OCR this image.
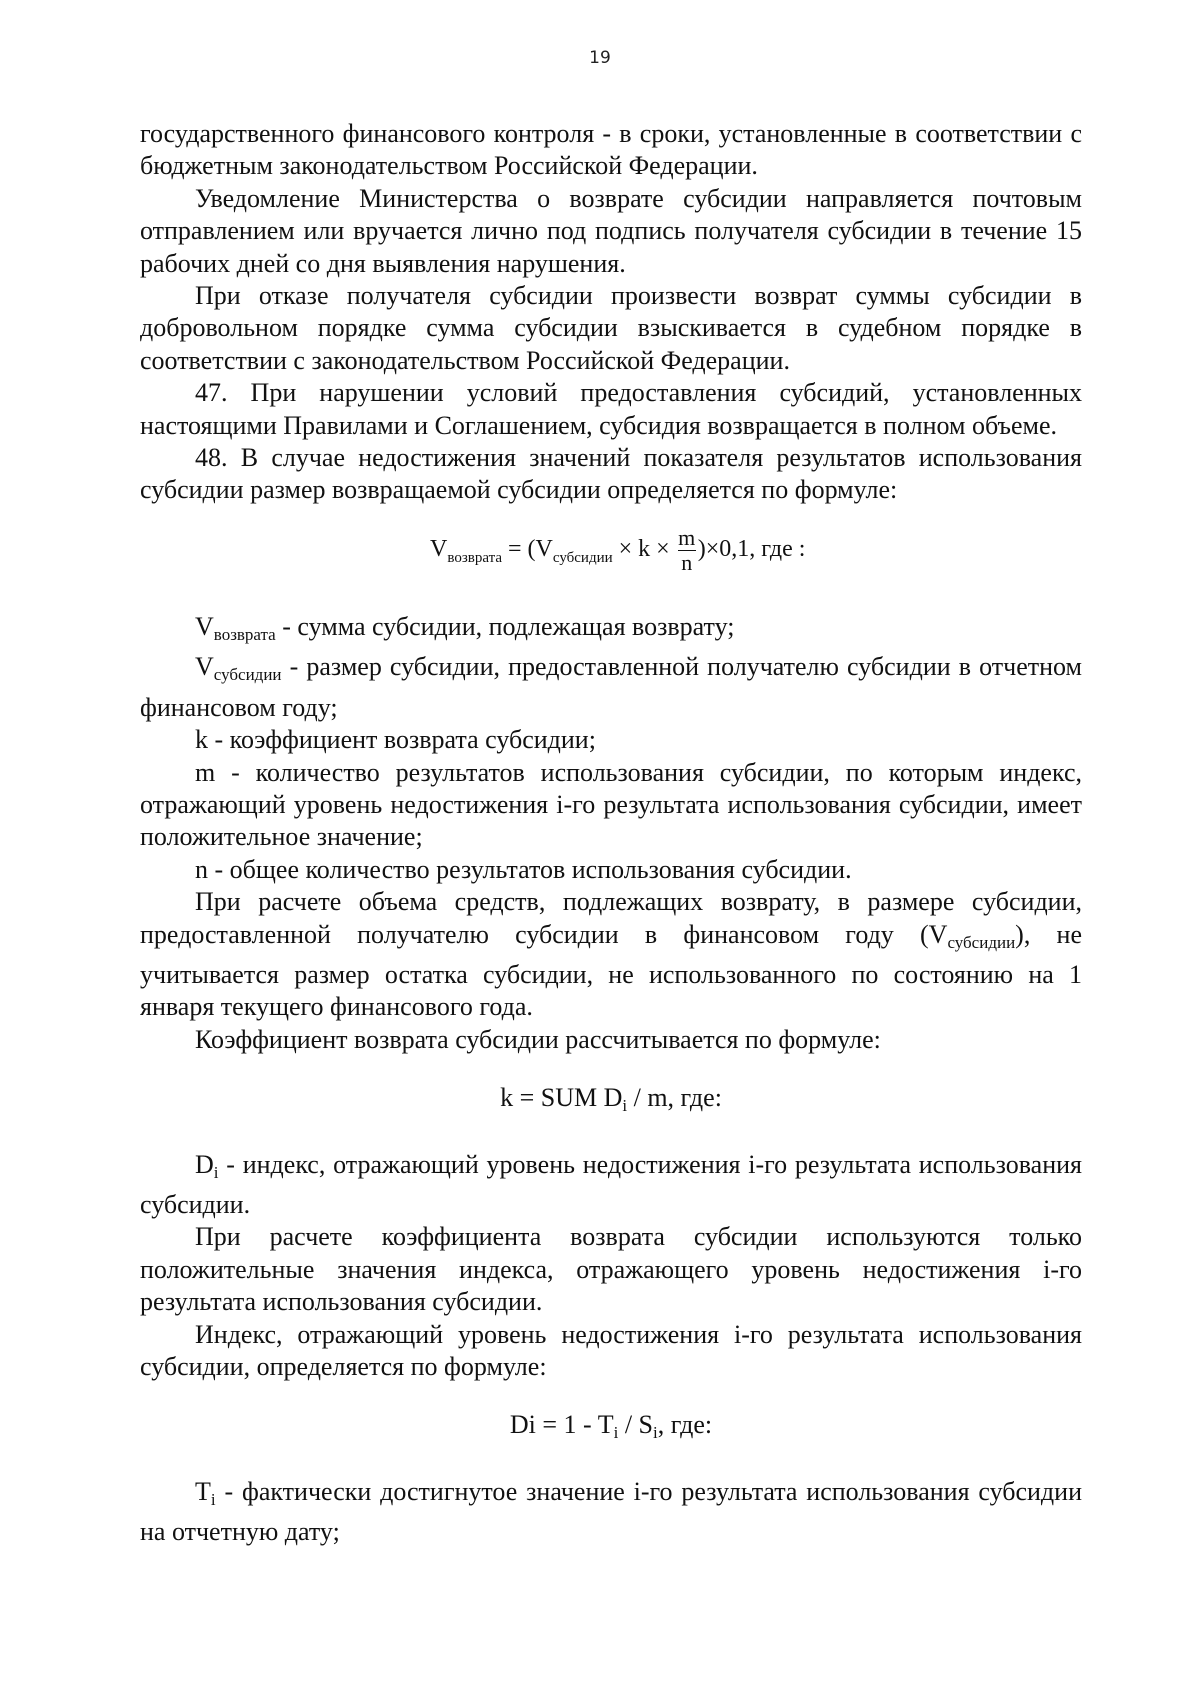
19

государственного финансового контроля - в сроки, установленные в соответствии с бюджетным законодательством Российской Федерации.

Уведомление Министерства о возврате субсидии направляется почтовым отправлением или вручается лично под подпись получателя субсидии в течение 15 рабочих дней со дня выявления нарушения.

При отказе получателя субсидии произвести возврат суммы субсидии в добровольном порядке сумма субсидии взыскивается в судебном порядке в соответствии с законодательством Российской Федерации.

47. При нарушении условий предоставления субсидий, установленных настоящими Правилами и Соглашением, субсидия возвращается в полном объеме.

48. В случае недостижения значений показателя результатов использования субсидии размер возвращаемой субсидии определяется по формуле:

$V_{возврата} = (V_{субсидии} \times k \times \frac{m}{n} )\times 0,1$, где :

Vвозврата - сумма субсидии, подлежащая возврату;

Vсубсидии - размер субсидии, предоставленной получателю субсидии в отчетном финансовом году;

k - коэффициент возврата субсидии;

m - количество результатов использования субсидии, по которым индекс, отражающий уровень недостижения i-го результата использования субсидии, имеет положительное значение;

n - общее количество результатов использования субсидии.

При расчете объема средств, подлежащих возврату, в размере субсидии, предоставленной получателю субсидии в финансовом году (Vсубсидии), не учитывается размер остатка субсидии, не использованного по состоянию на 1 января текущего финансового года.

Коэффициент возврата субсидии рассчитывается по формуле:

k = SUM Di / m, где:

Di - индекс, отражающий уровень недостижения i-го результата использования субсидии.

При расчете коэффициента возврата субсидии используются только положительные значения индекса, отражающего уровень недостижения i-го результата использования субсидии.

Индекс, отражающий уровень недостижения i-го результата использования субсидии, определяется по формуле:

Di = 1 - Ti / Si, где:

Ti - фактически достигнутое значение i-го результата использования субсидии на отчетную дату;
